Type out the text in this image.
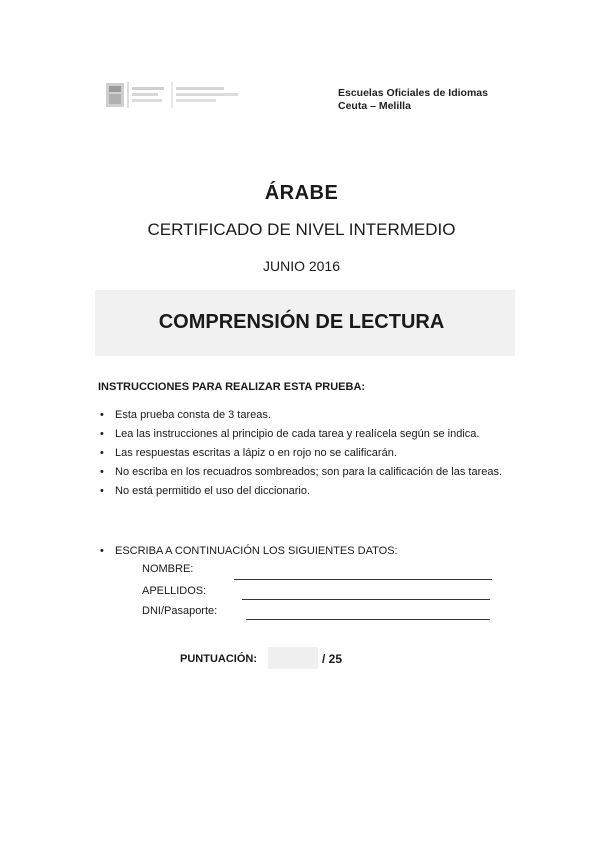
Escuelas Oficiales de Idiomas
Ceuta – Melilla
ÁRABE
CERTIFICADO DE NIVEL INTERMEDIO
JUNIO 2016
COMPRENSIÓN DE LECTURA
INSTRUCCIONES PARA REALIZAR ESTA PRUEBA:
• Esta prueba consta de 3 tareas.
• Lea las instrucciones al principio de cada tarea y realícela según se indica.
• Las respuestas escritas a lápiz o en rojo no se calificarán.
• No escriba en los recuadros sombreados; son para la calificación de las tareas.
• No está permitido el uso del diccionario.
• ESCRIBA A CONTINUACIÓN LOS SIGUIENTES DATOS:
NOMBRE:
APELLIDOS:
DNI/Pasaporte:
PUNTUACIÓN:	/ 25
